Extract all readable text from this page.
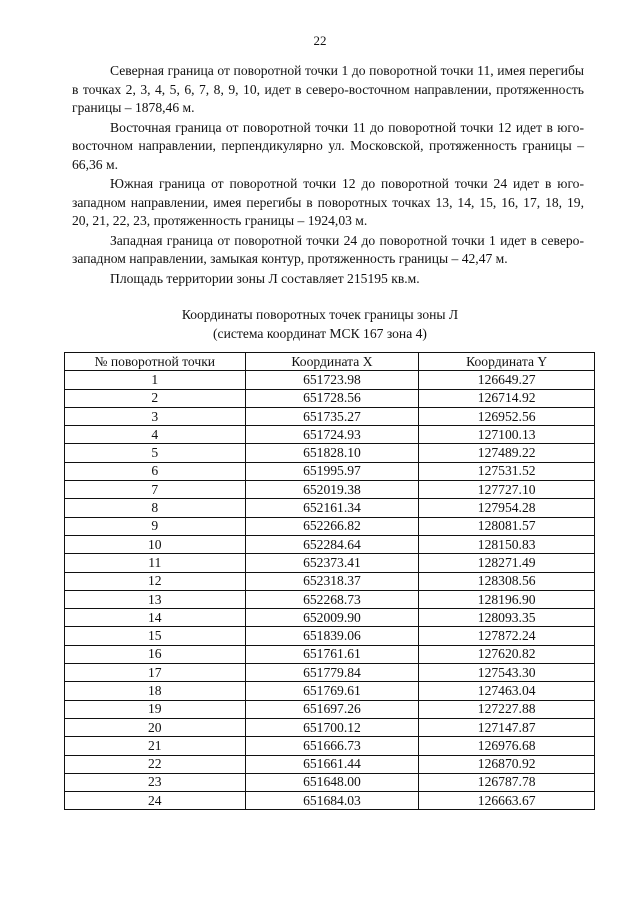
22

Северная граница от поворотной точки 1 до поворотной точки 11, имея перегибы в точках 2, 3, 4, 5, 6, 7, 8, 9, 10, идет в северо-восточном направлении, протяженность границы – 1878,46 м.

Восточная граница от поворотной точки 11 до поворотной точки 12 идет в юго-восточном направлении, перпендикулярно ул. Московской, протяженность границы – 66,36 м.

Южная граница от поворотной точки 12 до поворотной точки 24 идет в юго-западном направлении, имея перегибы в поворотных точках 13, 14, 15, 16, 17, 18, 19, 20, 21, 22, 23, протяженность границы – 1924,03 м.

Западная граница от поворотной точки 24 до поворотной точки 1 идет в северо-западном направлении, замыкая контур, протяженность границы – 42,47 м.

Площадь территории зоны Л составляет 215195 кв.м.

Координаты поворотных точек границы зоны Л
(система координат МСК 167 зона 4)
№ поворотной точки	Координата X	Координата Y
1	651723.98	126649.27
2	651728.56	126714.92
3	651735.27	126952.56
4	651724.93	127100.13
5	651828.10	127489.22
6	651995.97	127531.52
7	652019.38	127727.10
8	652161.34	127954.28
9	652266.82	128081.57
10	652284.64	128150.83
11	652373.41	128271.49
12	652318.37	128308.56
13	652268.73	128196.90
14	652009.90	128093.35
15	651839.06	127872.24
16	651761.61	127620.82
17	651779.84	127543.30
18	651769.61	127463.04
19	651697.26	127227.88
20	651700.12	127147.87
21	651666.73	126976.68
22	651661.44	126870.92
23	651648.00	126787.78
24	651684.03	126663.67
